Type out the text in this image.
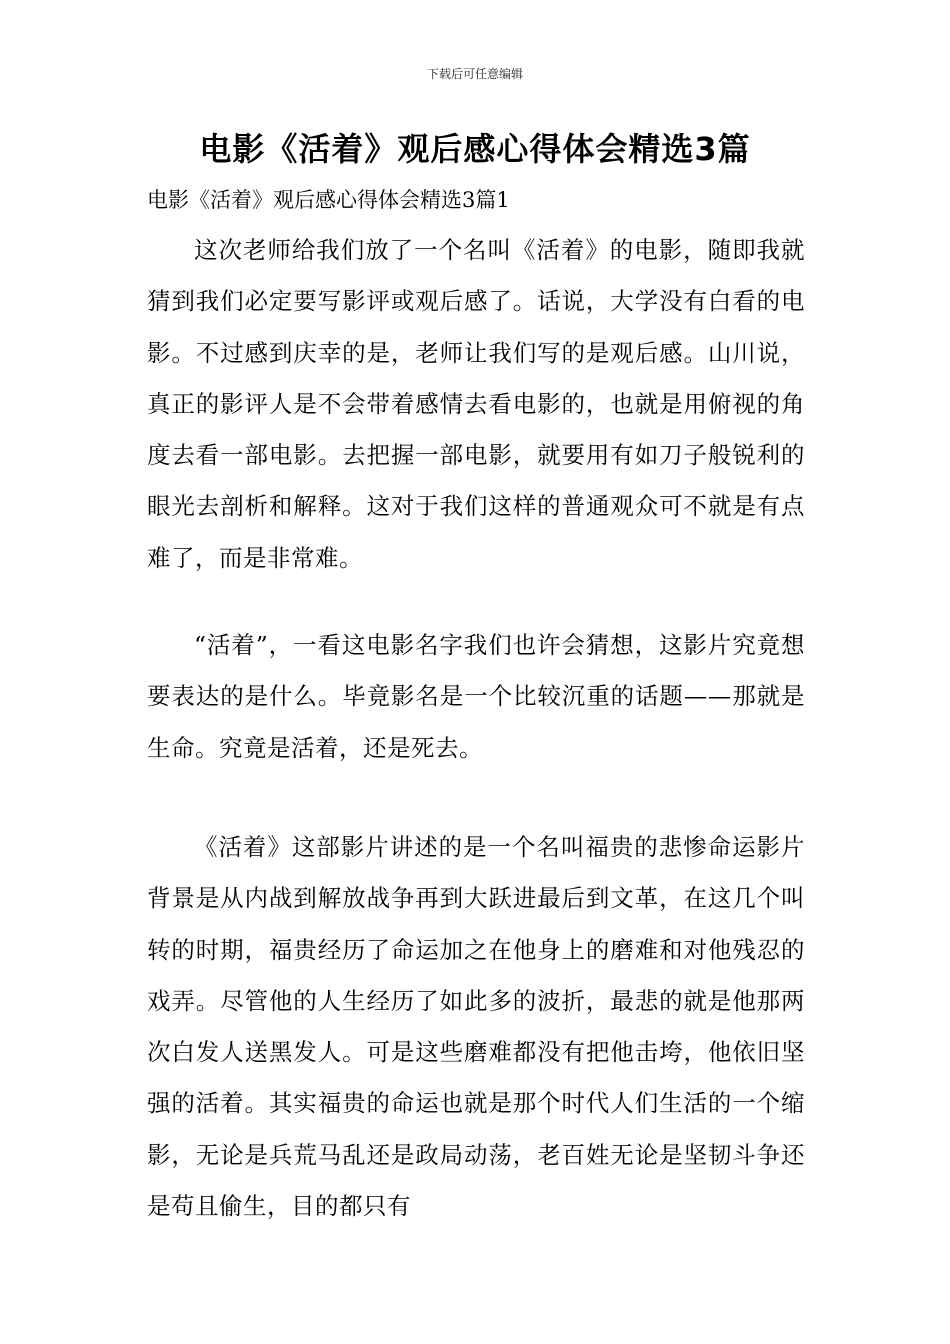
下载后可任意编辑
电影《活着》观后感心得体会精选3篇

电影《活着》观后感心得体会精选3篇1

这次老师给我们放了一个名叫《活着》的电影，随即我就猜到我们必定要写影评或观后感了。话说，大学没有白看的电影。不过感到庆幸的是，老师让我们写的是观后感。山川说，真正的影评人是不会带着感情去看电影的，也就是用俯视的角度去看一部电影。去把握一部电影，就要用有如刀子般锐利的眼光去剖析和解释。这对于我们这样的普通观众可不就是有点难了，而是非常难。

“活着”，一看这电影名字我们也许会猜想，这影片究竟想要表达的是什么。毕竟影名是一个比较沉重的话题——那就是生命。究竟是活着，还是死去。

《活着》这部影片讲述的是一个名叫福贵的悲惨命运影片背景是从内战到解放战争再到大跃进最后到文革，在这几个叫转的时期，福贵经历了命运加之在他身上的磨难和对他残忍的戏弄。尽管他的人生经历了如此多的波折，最悲的就是他那两次白发人送黑发人。可是这些磨难都没有把他击垮，他依旧坚强的活着。其实福贵的命运也就是那个时代人们生活的一个缩影，无论是兵荒马乱还是政局动荡，老百姓无论是坚韧斗争还是苟且偷生，目的都只有
